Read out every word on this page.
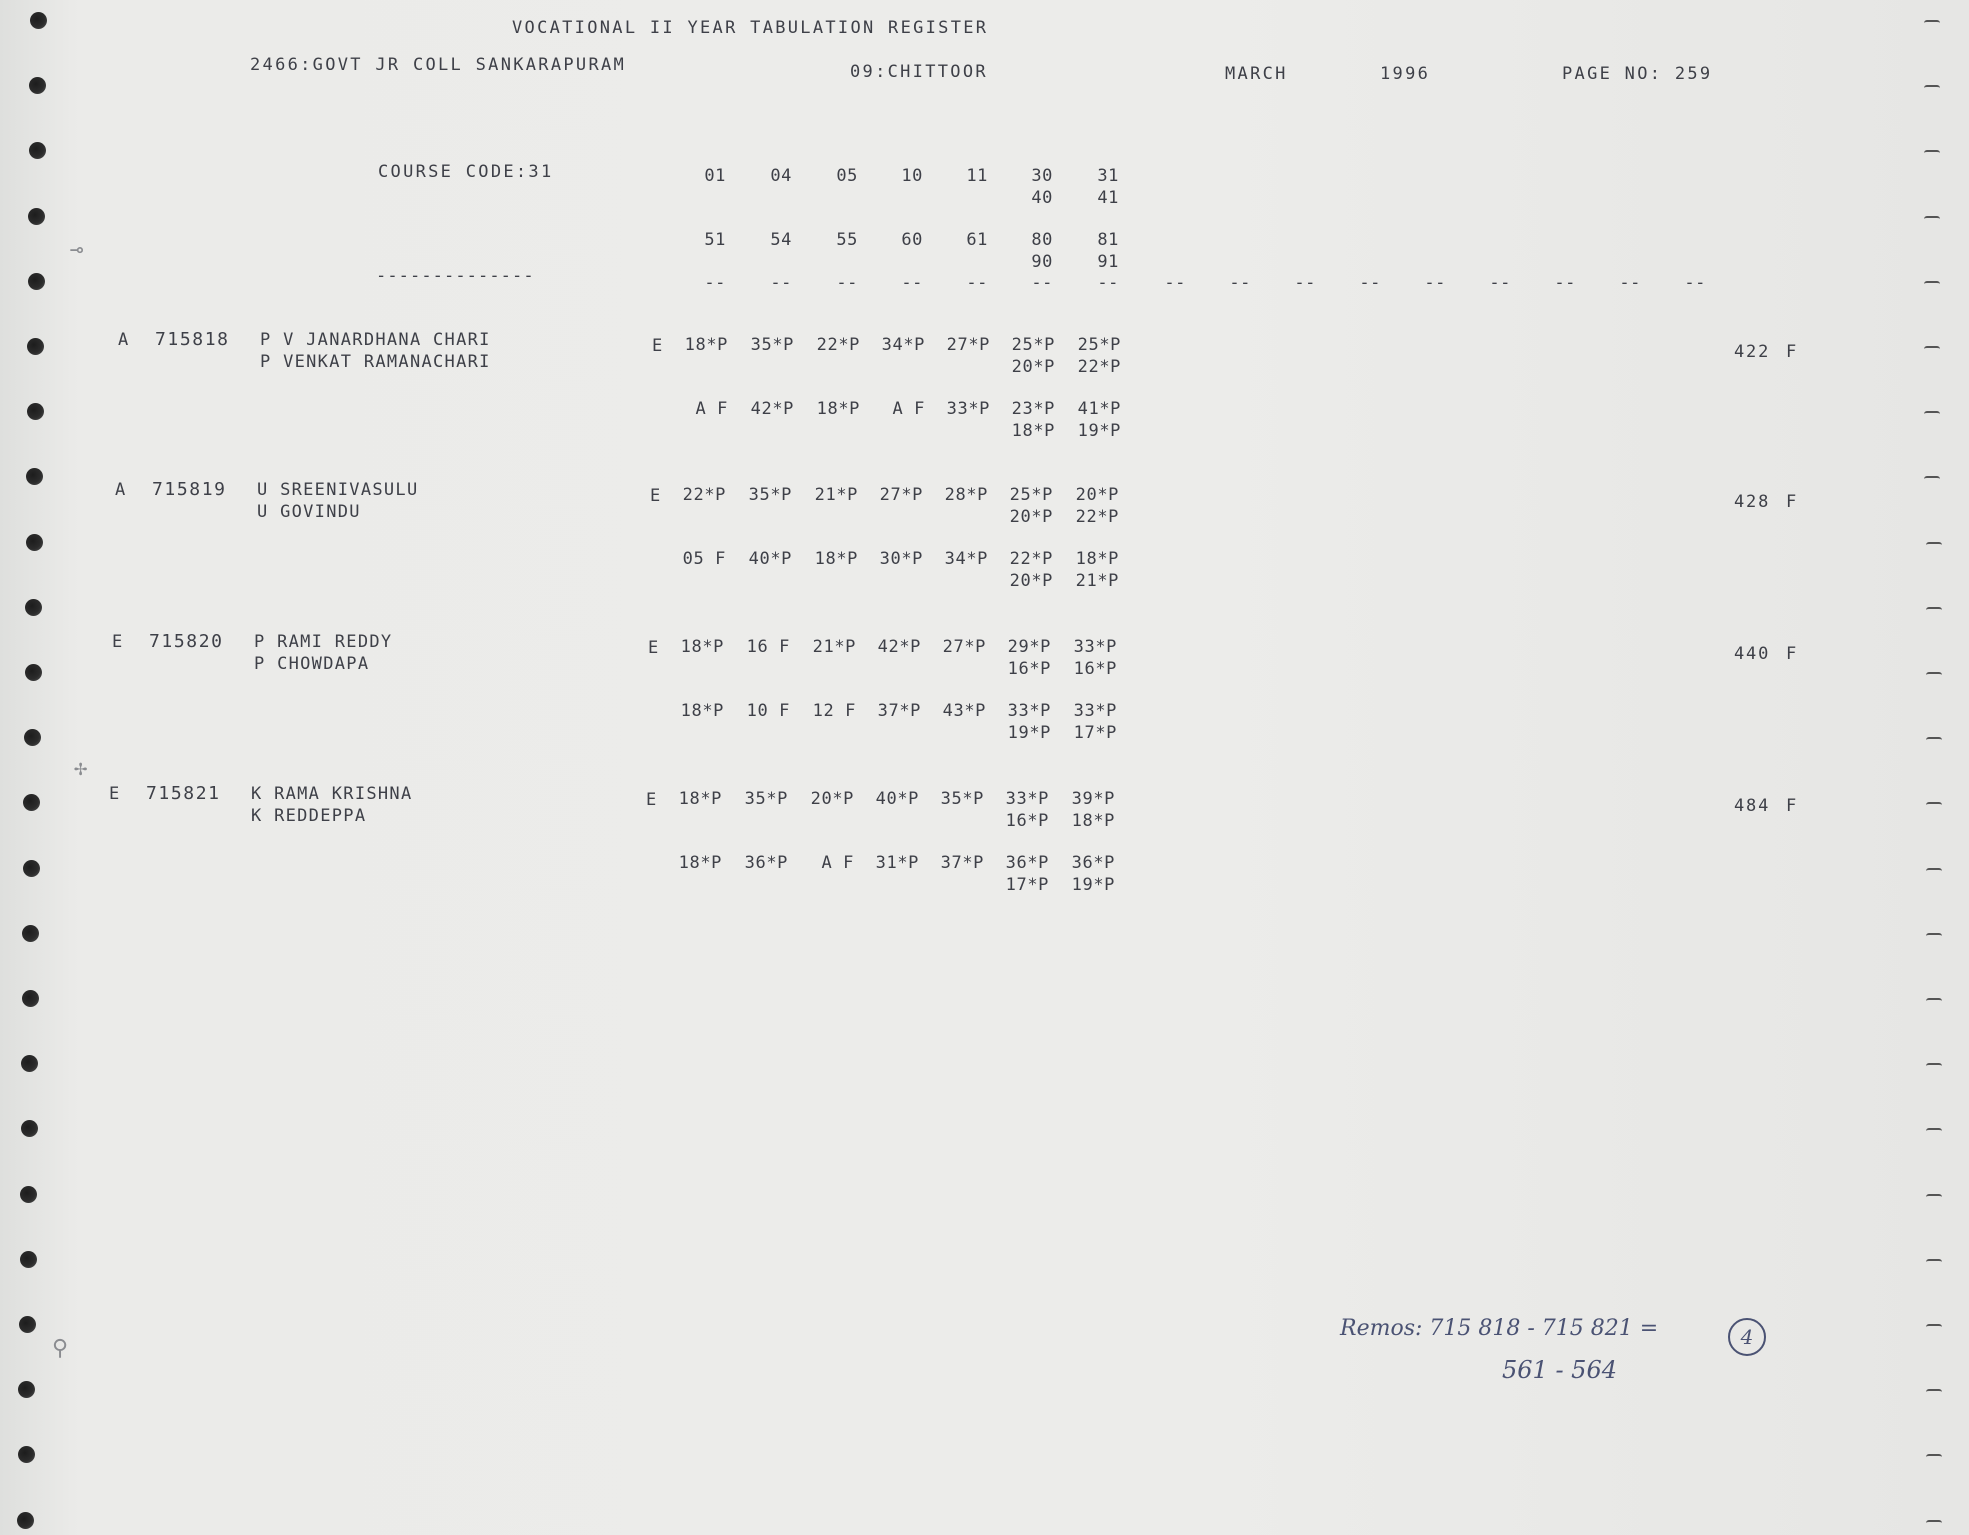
VOCATIONAL II YEAR TABULATION REGISTER
2466:GOVT JR COLL SANKARAPURAM	09:CHITTOOR	MARCH	1996	PAGE NO: 259
COURSE CODE:31
--------------
Remos: 715 818 - 715 821 =	4
561 - 564
⊸
✢
⚲
01	04	05	10	11	30	31
40	41
51	54	55	60	61	80	81
90	91
--	--	--	--	--	--	--	--	--	--	--	--	--	--	--	--
A 715818 P V JANARDHANA CHARI
P VENKAT RAMANACHARI
E	18*P	35*P	22*P	34*P	27*P	25*P	25*P
20*P	22*P
A F	42*P	18*P	A F	33*P	23*P	41*P
18*P	19*P
422 F
A 715819 U SREENIVASULU
U GOVINDU
E	22*P	35*P	21*P	27*P	28*P	25*P	20*P
20*P	22*P
05 F	40*P	18*P	30*P	34*P	22*P	18*P
20*P	21*P
428 F
E 715820 P RAMI REDDY
P CHOWDAPA
E	18*P	16 F	21*P	42*P	27*P	29*P	33*P
16*P	16*P
18*P	10 F	12 F	37*P	43*P	33*P	33*P
19*P	17*P
440 F
E 715821 K RAMA KRISHNA
K REDDEPPA
E	18*P	35*P	20*P	40*P	35*P	33*P	39*P
16*P	18*P
18*P	36*P	A F	31*P	37*P	36*P	36*P
17*P	19*P
484 F
